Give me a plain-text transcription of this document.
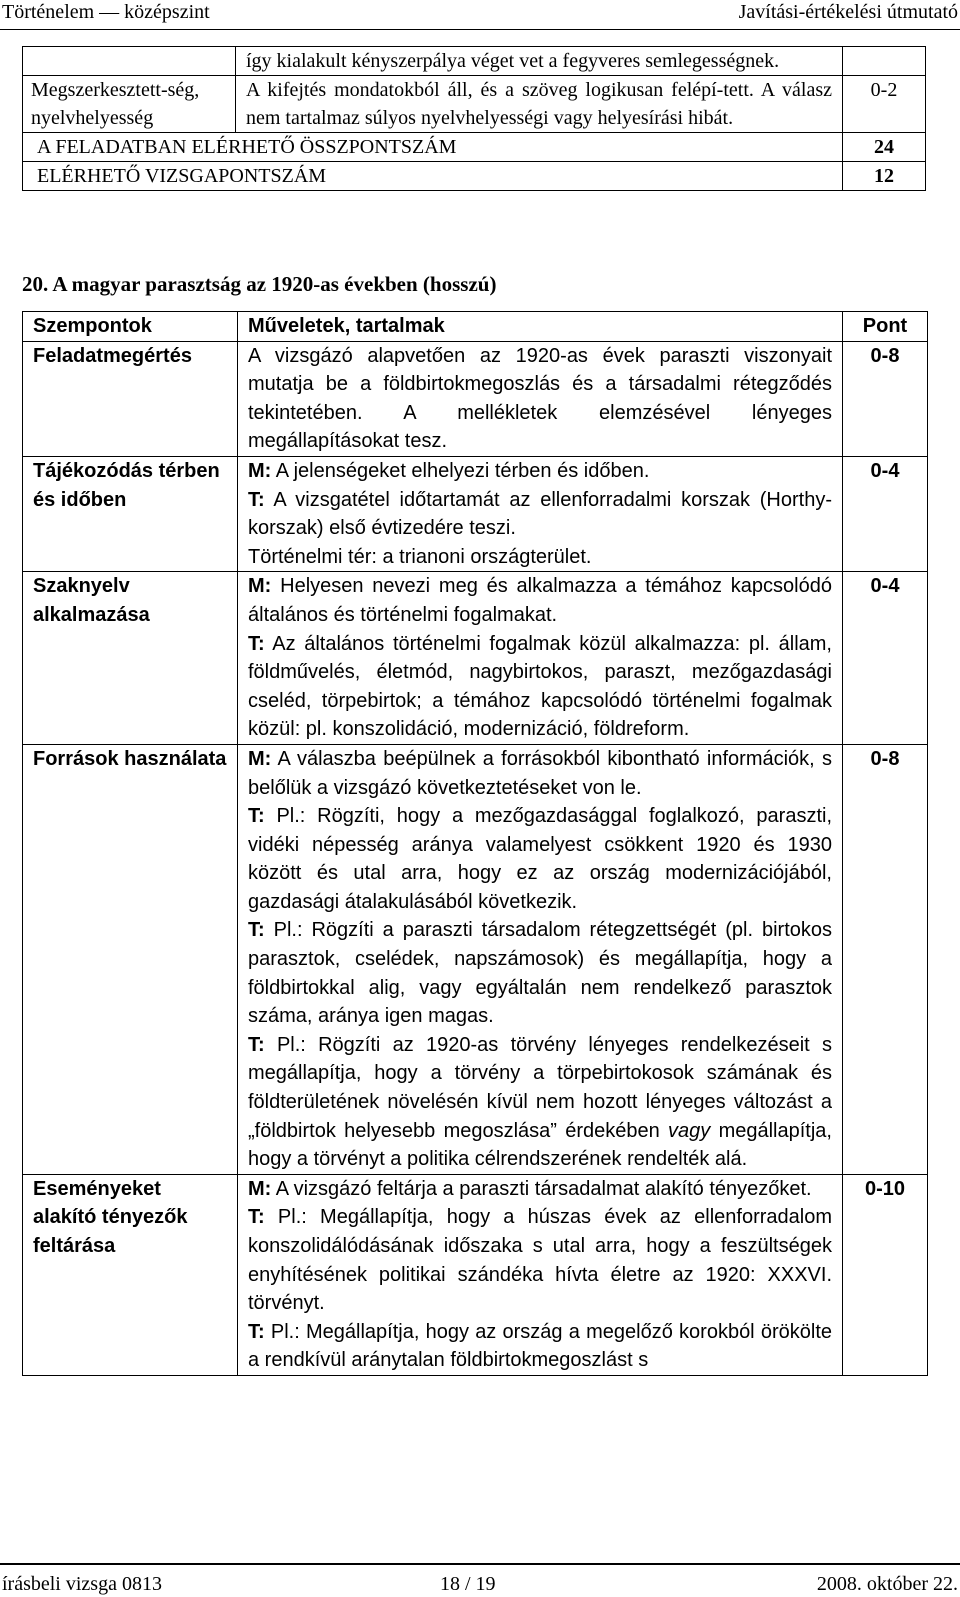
Történelem — középszint	Javítási-értékelési útmutató
	így kialakult kényszerpálya véget vet a fegyveres semlegességnek.	
Megszerkesztett-ség, nyelvhelyesség	A kifejtés mondatokból áll, és a szöveg logikusan felépí-tett. A válasz nem tartalmaz súlyos nyelvhelyességi vagy helyesírási hibát.	0-2
A FELADATBAN ELÉRHETŐ ÖSSZPONTSZÁM		24
ELÉRHETŐ VIZSGAPONTSZÁM		12
20. A magyar parasztság az 1920-as években (hosszú)
Szempontok	Műveletek, tartalmak	Pont
Feladatmegértés	A vizsgázó alapvetően az 1920-as évek paraszti viszonyait mutatja be a földbirtokmegoszlás és a társadalmi rétegződés tekintetében. A mellékletek elemzésével lényeges megállapításokat tesz.	0-8
Tájékozódás térben és időben	M: A jelenségeket elhelyezi térben és időben.

T: A vizsgatétel időtartamát az ellenforradalmi korszak (Horthy-korszak) első évtizedére teszi.

Történelmi tér: a trianoni országterület.	0-4
Szaknyelv alkalmazása	M: Helyesen nevezi meg és alkalmazza a témához kapcsolódó általános és történelmi fogalmakat.

T: Az általános történelmi fogalmak közül alkalmazza: pl. állam, földművelés, életmód, nagybirtokos, paraszt, mezőgazdasági cseléd, törpebirtok; a témához kapcsolódó történelmi fogalmak közül: pl. konszolidáció, modernizáció, földreform.	0-4
Források használata	M: A válaszba beépülnek a forrásokból kibontható információk, s belőlük a vizsgázó következtetéseket von le.

T: Pl.: Rögzíti, hogy a mezőgazdasággal foglalkozó, paraszti, vidéki népesség aránya valamelyest csökkent 1920 és 1930 között és utal arra, hogy ez az ország modernizációjából, gazdasági átalakulásából következik.

T: Pl.: Rögzíti a paraszti társadalom rétegzettségét (pl. birtokos parasztok, cselédek, napszámosok) és megállapítja, hogy a földbirtokkal alig, vagy egyáltalán nem rendelkező parasztok száma, aránya igen magas.

T: Pl.: Rögzíti az 1920-as törvény lényeges rendelkezéseit s megállapítja, hogy a törvény a törpebirtokosok számának és földterületének növelésén kívül nem hozott lényeges változást a „földbirtok helyesebb megoszlása” érdekében vagy megállapítja, hogy a törvényt a politika célrendszerének rendelték alá.	0-8
Eseményeket alakító tényezők feltárása	M: A vizsgázó feltárja a paraszti társadalmat alakító tényezőket.

T: Pl.: Megállapítja, hogy a húszas évek az ellenforradalom konszolidálódásának időszaka s utal arra, hogy a feszültségek enyhítésének politikai szándéka hívta életre az 1920: XXXVI. törvényt.

T: Pl.: Megállapítja, hogy az ország a megelőző korokból örökölte a rendkívül aránytalan földbirtokmegoszlást s	0-10
írásbeli vizsga 0813	18 / 19	2008. október 22.
